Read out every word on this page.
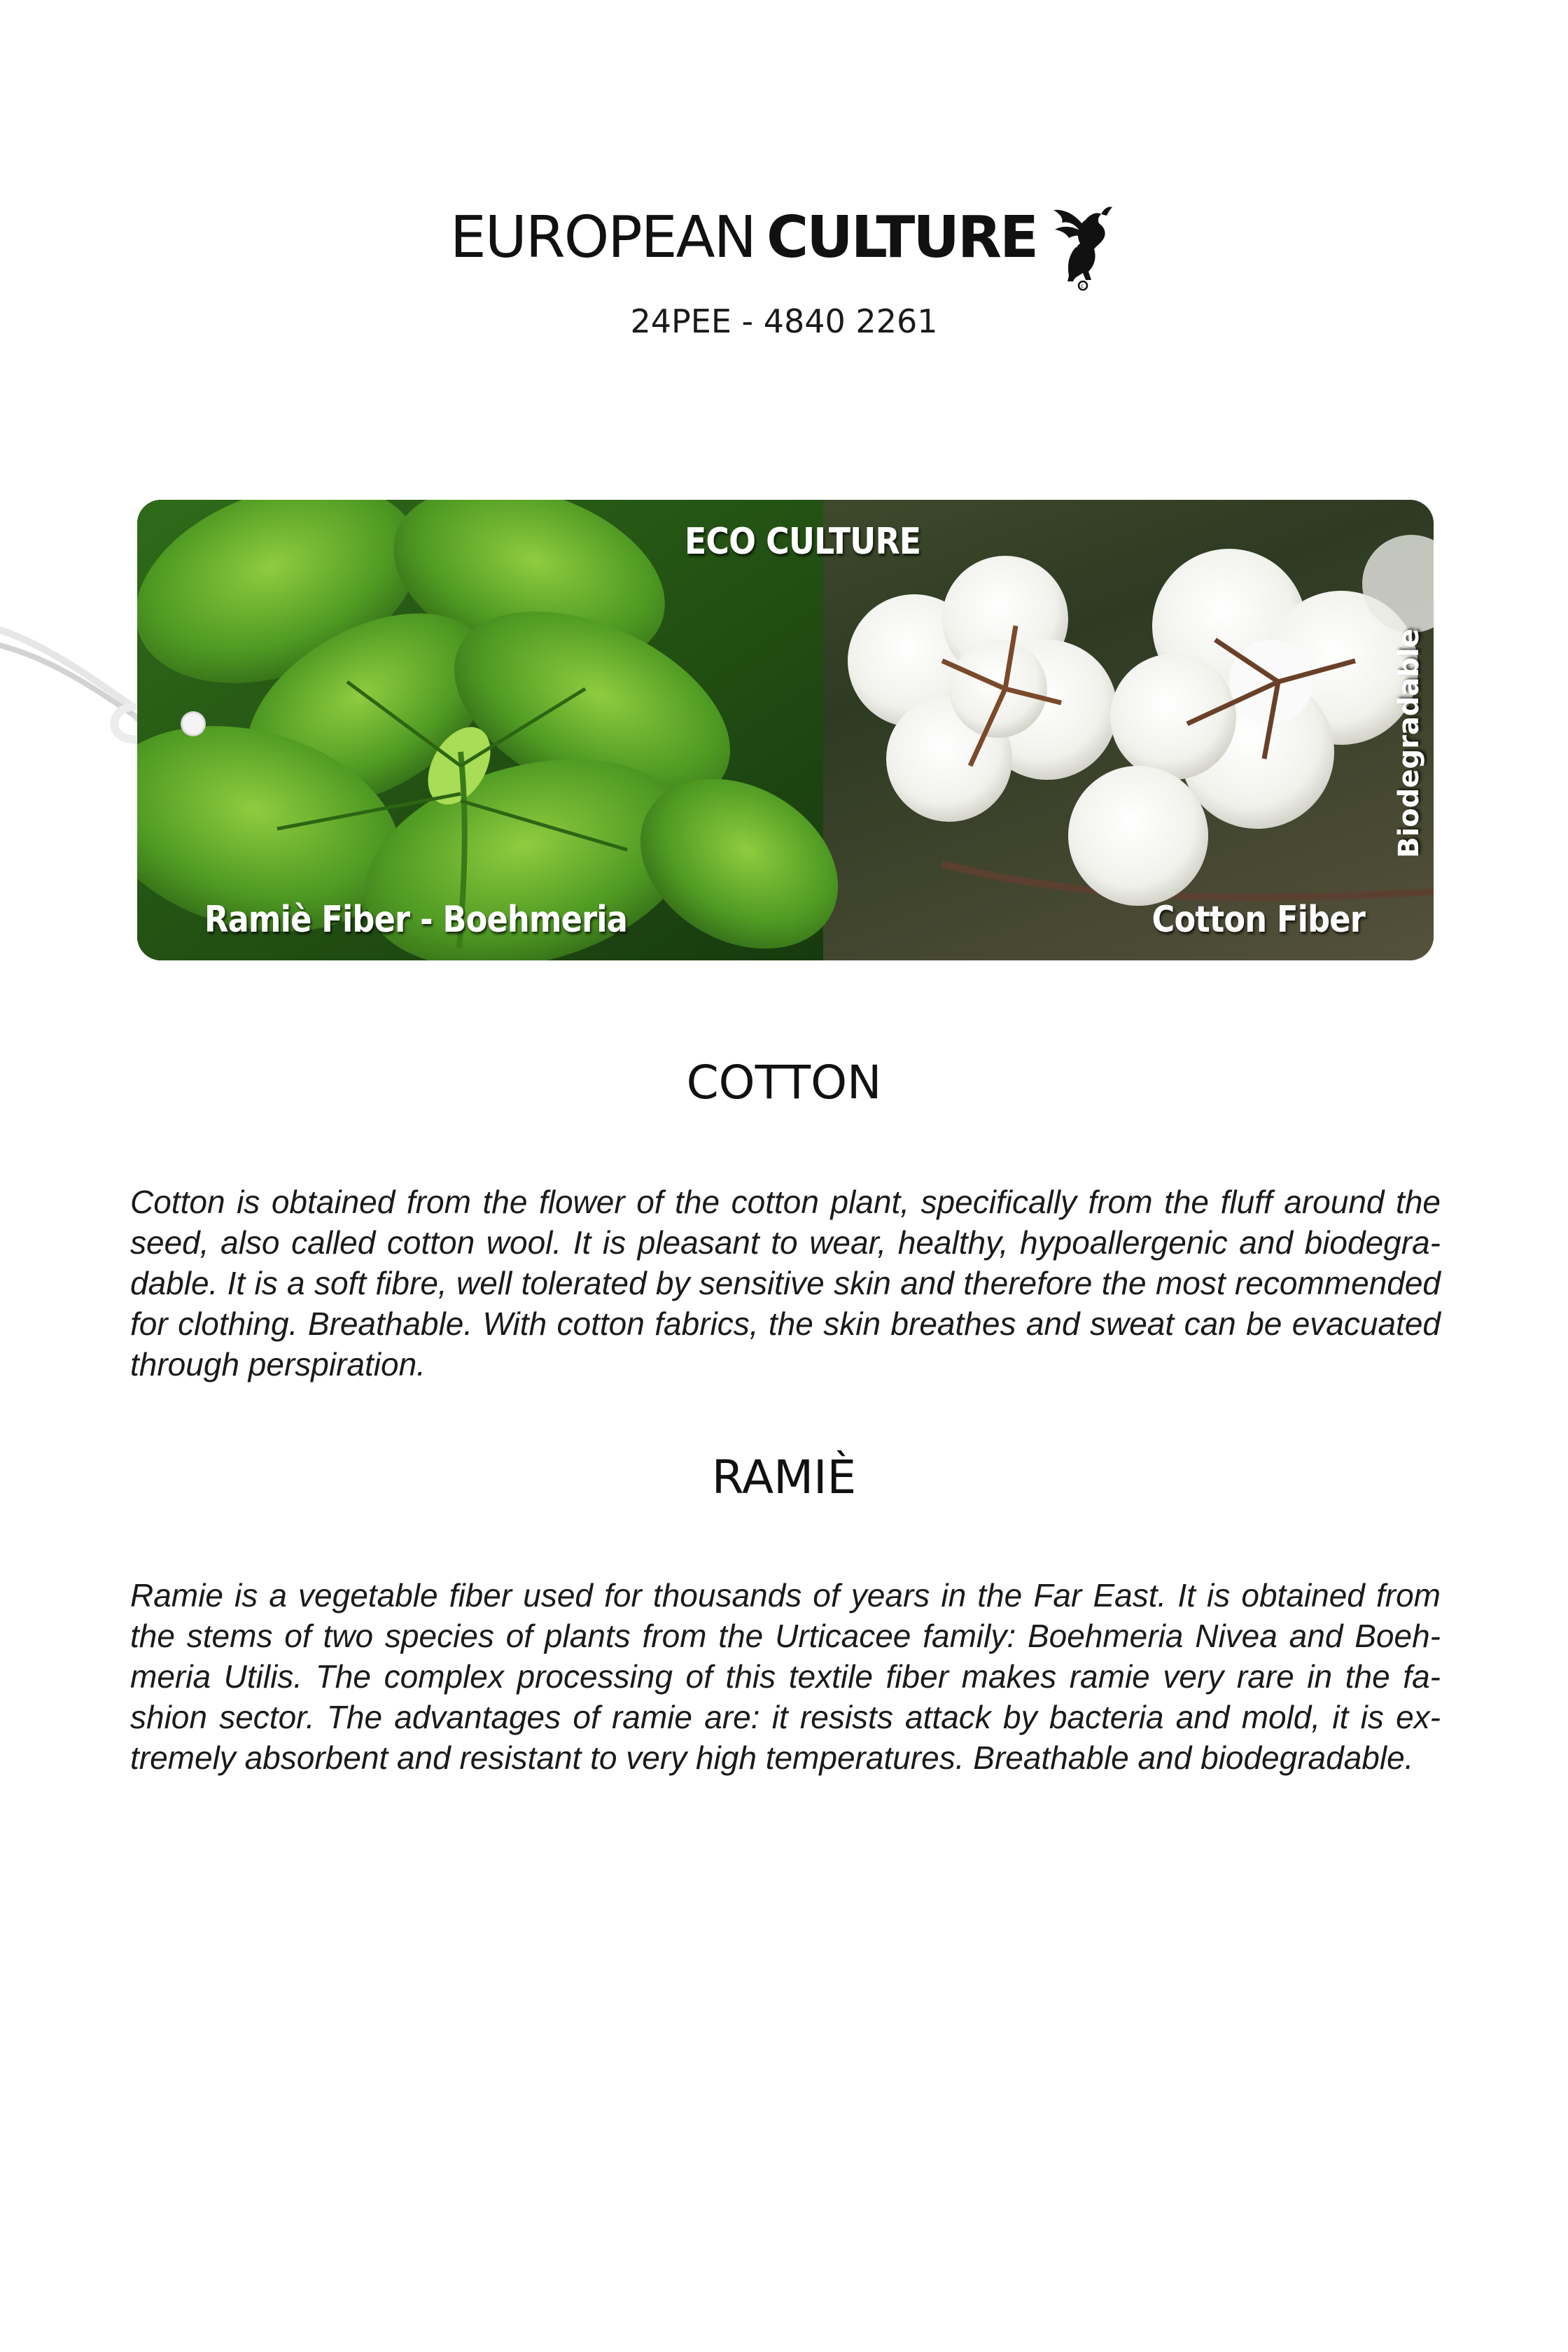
EUROPEAN CULTURE
c
24PEE - 4840 2261
ECO CULTURE
Ramiè Fiber - Boehmeria	Cotton Fiber
Biodegradable
COTTON

Cotton is obtained from the flower of the cotton plant, specifically from the fluff around the seed, also called cotton wool. It is pleasant to wear, healthy, hypoallergenic and biodegradable. It is a soft fibre, well tolerated by sensitive skin and therefore the most recommended for clothing. Breathable. With cotton fabrics, the skin breathes and sweat can be evacuated through perspiration.

RAMIÈ

Ramie is a vegetable fiber used for thousands of years in the Far East. It is obtained from the stems of two species of plants from the Urticacee family: Boehmeria Nivea and Boehmeria Utilis. The complex processing of this textile fiber makes ramie very rare in the fashion sector. The advantages of ramie are: it resists attack by bacteria and mold, it is extremely absorbent and resistant to very high temperatures. Breathable and biodegradable.
